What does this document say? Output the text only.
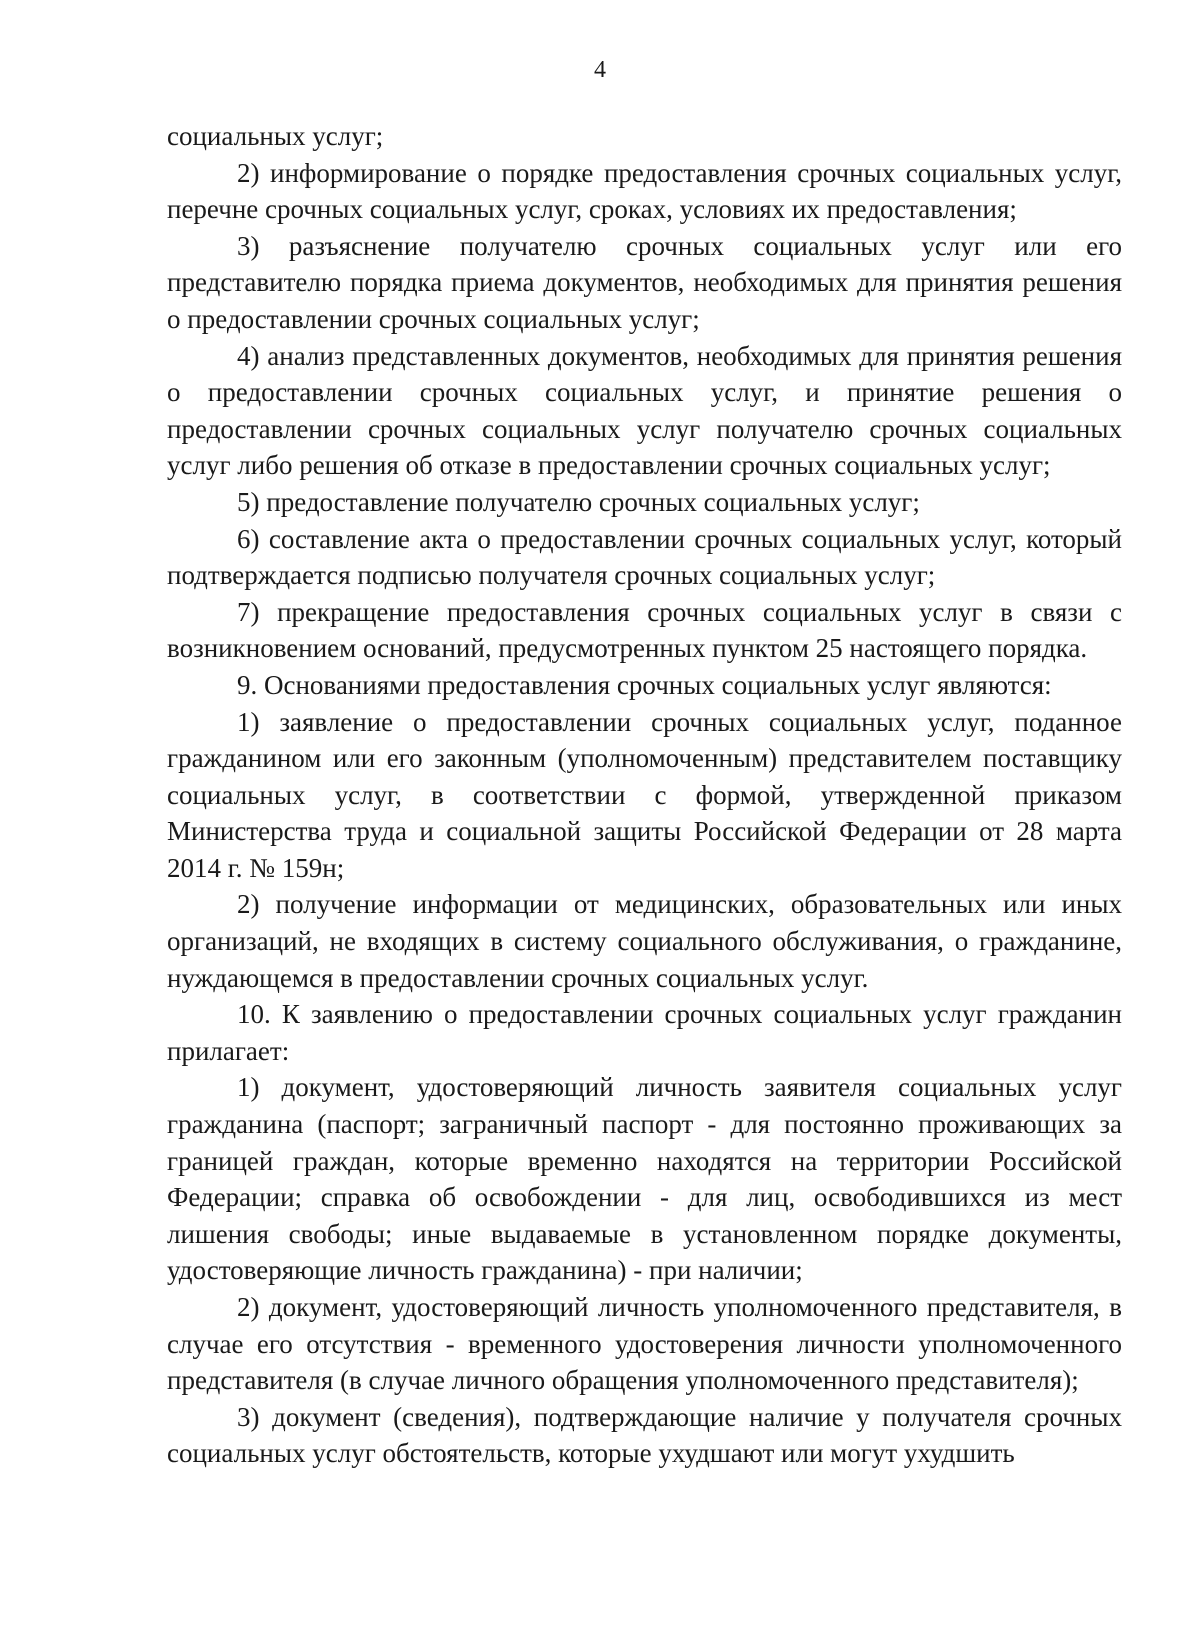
4

социальных услуг;

2) информирование о порядке предоставления срочных социальных услуг, перечне срочных социальных услуг, сроках, условиях их предоставления;

3) разъяснение получателю срочных социальных услуг или его представителю порядка приема документов, необходимых для принятия решения о предоставлении срочных социальных услуг;

4) анализ представленных документов, необходимых для принятия решения о предоставлении срочных социальных услуг, и принятие решения о предоставлении срочных социальных услуг получателю срочных социальных услуг либо решения об отказе в предоставлении срочных социальных услуг;

5) предоставление получателю срочных социальных услуг;

6) составление акта о предоставлении срочных социальных услуг, который подтверждается подписью получателя срочных социальных услуг;

7) прекращение предоставления срочных социальных услуг в связи с возникновением оснований, предусмотренных пунктом 25 настоящего порядка.

9. Основаниями предоставления срочных социальных услуг являются:

1) заявление о предоставлении срочных социальных услуг, поданное гражданином или его законным (уполномоченным) представителем поставщику социальных услуг, в соответствии с формой, утвержденной приказом Министерства труда и социальной защиты Российской Федерации от 28 марта 2014 г. № 159н;

2) получение информации от медицинских, образовательных или иных организаций, не входящих в систему социального обслуживания, о гражданине, нуждающемся в предоставлении срочных социальных услуг.

10. К заявлению о предоставлении срочных социальных услуг гражданин прилагает:

1) документ, удостоверяющий личность заявителя социальных услуг гражданина (паспорт; заграничный паспорт - для постоянно проживающих за границей граждан, которые временно находятся на территории Российской Федерации; справка об освобождении - для лиц, освободившихся из мест лишения свободы; иные выдаваемые в установленном порядке документы, удостоверяющие личность гражданина) - при наличии;

2) документ, удостоверяющий личность уполномоченного представителя, в случае его отсутствия - временного удостоверения личности уполномоченного представителя (в случае личного обращения уполномоченного представителя);

3) документ (сведения), подтверждающие наличие у получателя срочных социальных услуг обстоятельств, которые ухудшают или могут ухудшить
